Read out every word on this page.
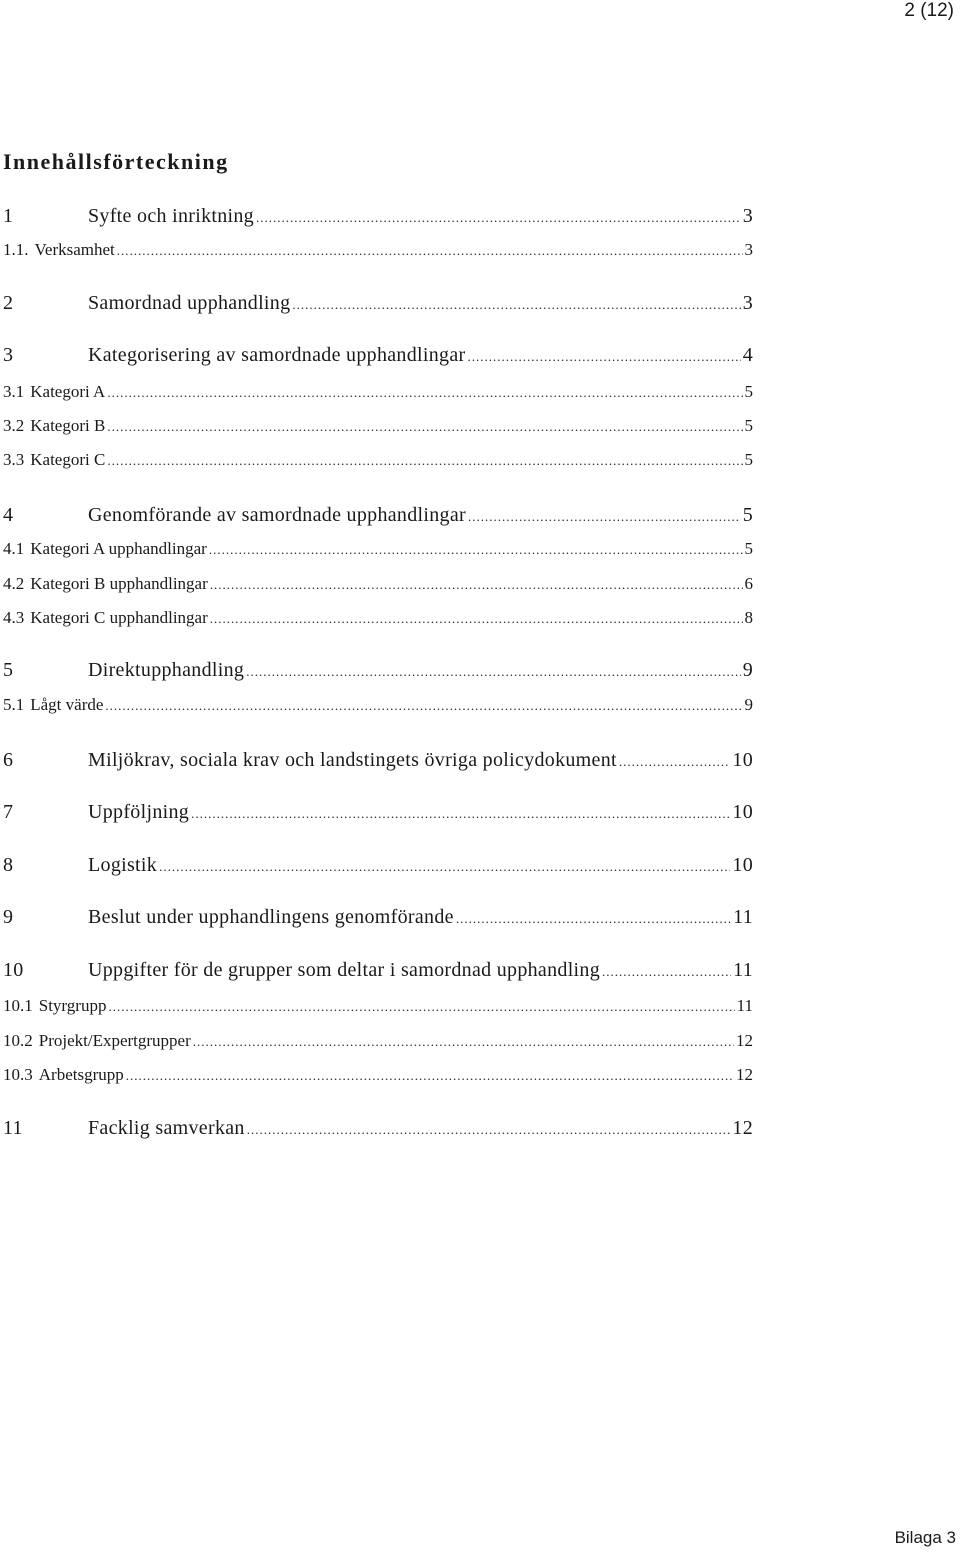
2 (12)
Innehållsförteckning
1	Syfte och inriktning .....	3
1.1. Verksamhet .....	3
2	Samordnad upphandling .....	3
3	Kategorisering av samordnade upphandlingar .....	4
3.1 Kategori A .....	5
3.2 Kategori B .....	5
3.3 Kategori C .....	5
4	Genomförande av samordnade upphandlingar .....	5
4.1 Kategori A upphandlingar .....	5
4.2 Kategori B upphandlingar .....	6
4.3 Kategori C upphandlingar .....	8
5	Direktupphandling .....	9
5.1 Lågt värde .....	9
6	Miljökrav, sociala krav och landstingets övriga policydokument .....	10
7	Uppföljning .....	10
8	Logistik .....	10
9	Beslut under upphandlingens genomförande .....	11
10	Uppgifter för de grupper som deltar i samordnad upphandling .....	11
10.1 Styrgrupp .....	11
10.2 Projekt/Expertgrupper .....	12
10.3 Arbetsgrupp .....	12
11	Facklig samverkan .....	12
Bilaga 3
